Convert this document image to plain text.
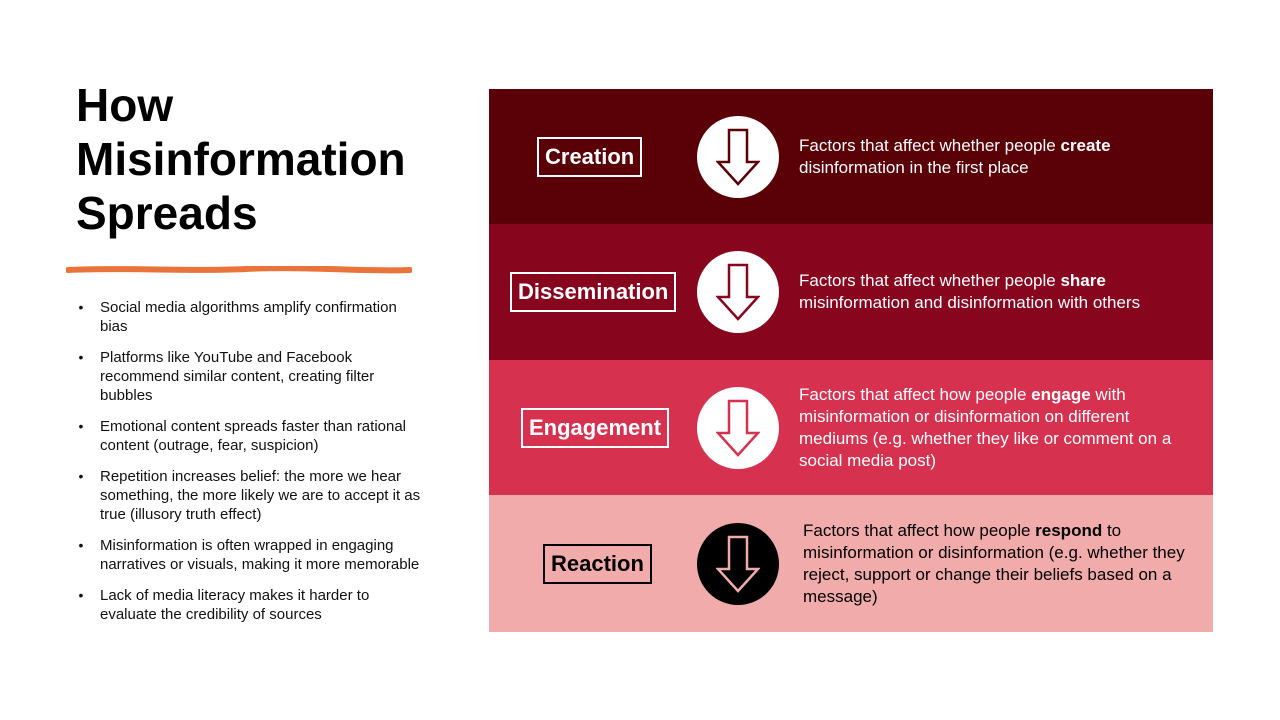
How
Misinformation
Spreads
• Social media algorithms amplify confirmation bias
• Platforms like YouTube and Facebook recommend similar content, creating filter bubbles
• Emotional content spreads faster than rational content (outrage, fear, suspicion)
• Repetition increases belief: the more we hear something, the more likely we are to accept it as true (illusory truth effect)
• Misinformation is often wrapped in engaging narratives or visuals, making it more memorable
• Lack of media literacy makes it harder to evaluate the credibility of sources
Creation	Factors that affect whether people create disinformation in the first place
Dissemination	Factors that affect whether people share misinformation and disinformation with others
Engagement
Factors that affect how people engage with misinformation or disinformation on different mediums (e.g. whether they like or comment on a social media post)
Reaction
Factors that affect how people respond to misinformation or disinformation (e.g. whether they reject, support or change their beliefs based on a message)
